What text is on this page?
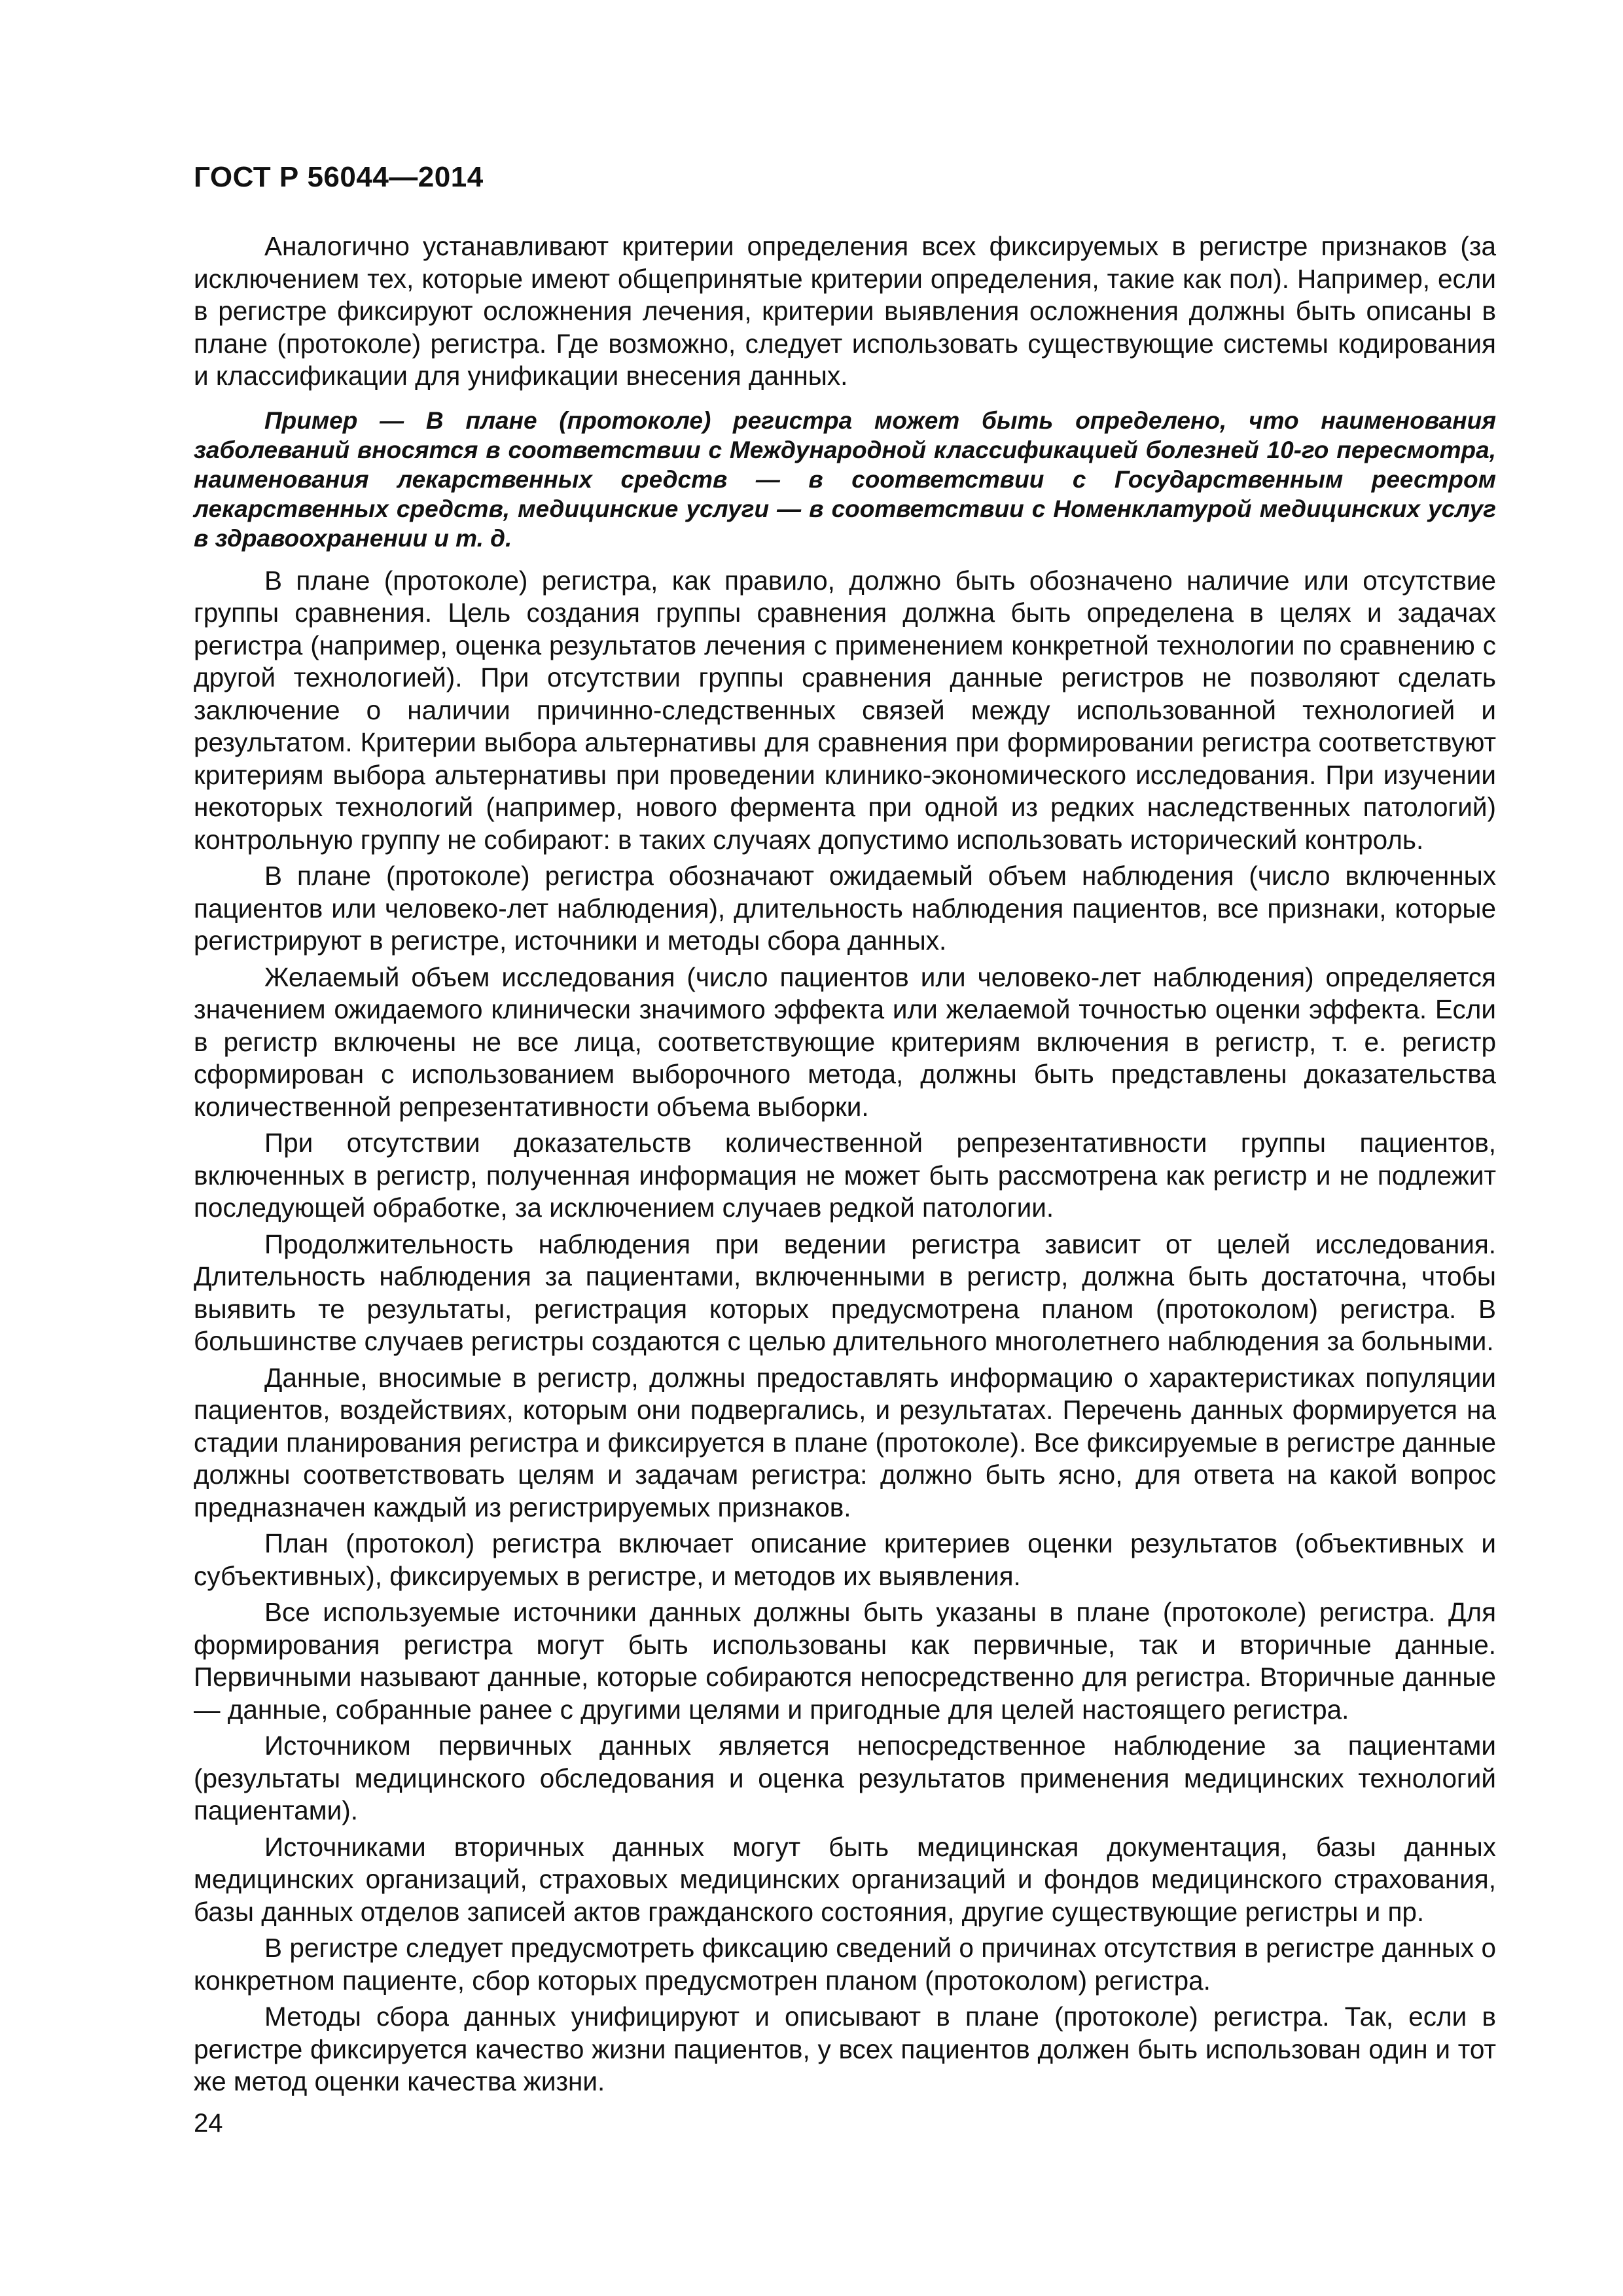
ГОСТ Р 56044—2014

Аналогично устанавливают критерии определения всех фиксируемых в регистре признаков (за исключением тех, которые имеют общепринятые критерии определения, такие как пол). Например, если в регистре фиксируют осложнения лечения, критерии выявления осложнения должны быть описаны в плане (протоколе) регистра. Где возможно, следует использовать существующие системы кодирования и классификации для унификации внесения данных.

Пример — В плане (протоколе) регистра может быть определено, что наименования заболеваний вносятся в соответствии с Международной классификацией болезней 10-го пересмотра, наименования лекарственных средств — в соответствии с Государственным реестром лекарственных средств, медицинские услуги — в соответствии с Номенклатурой медицинских услуг в здравоохранении и т. д.

В плане (протоколе) регистра, как правило, должно быть обозначено наличие или отсутствие группы сравнения. Цель создания группы сравнения должна быть определена в целях и задачах регистра (например, оценка результатов лечения с применением конкретной технологии по сравнению с другой технологией). При отсутствии группы сравнения данные регистров не позволяют сделать заключение о наличии причинно-следственных связей между использованной технологией и результатом. Критерии выбора альтернативы для сравнения при формировании регистра соответствуют критериям выбора альтернативы при проведении клинико-экономического исследования. При изучении некоторых технологий (например, нового фермента при одной из редких наследственных патологий) контрольную группу не собирают: в таких случаях допустимо использовать исторический контроль.

В плане (протоколе) регистра обозначают ожидаемый объем наблюдения (число включенных пациентов или человеко-лет наблюдения), длительность наблюдения пациентов, все признаки, которые регистрируют в регистре, источники и методы сбора данных.

Желаемый объем исследования (число пациентов или человеко-лет наблюдения) определяется значением ожидаемого клинически значимого эффекта или желаемой точностью оценки эффекта. Если в регистр включены не все лица, соответствующие критериям включения в регистр, т. е. регистр сформирован с использованием выборочного метода, должны быть представлены доказательства количественной репрезентативности объема выборки.

При отсутствии доказательств количественной репрезентативности группы пациентов, включенных в регистр, полученная информация не может быть рассмотрена как регистр и не подлежит последующей обработке, за исключением случаев редкой патологии.

Продолжительность наблюдения при ведении регистра зависит от целей исследования. Длительность наблюдения за пациентами, включенными в регистр, должна быть достаточна, чтобы выявить те результаты, регистрация которых предусмотрена планом (протоколом) регистра. В большинстве случаев регистры создаются с целью длительного многолетнего наблюдения за больными.

Данные, вносимые в регистр, должны предоставлять информацию о характеристиках популяции пациентов, воздействиях, которым они подвергались, и результатах. Перечень данных формируется на стадии планирования регистра и фиксируется в плане (протоколе). Все фиксируемые в регистре данные должны соответствовать целям и задачам регистра: должно быть ясно, для ответа на какой вопрос предназначен каждый из регистрируемых признаков.

План (протокол) регистра включает описание критериев оценки результатов (объективных и субъективных), фиксируемых в регистре, и методов их выявления.

Все используемые источники данных должны быть указаны в плане (протоколе) регистра. Для формирования регистра могут быть использованы как первичные, так и вторичные данные. Первичными называют данные, которые собираются непосредственно для регистра. Вторичные данные — данные, собранные ранее с другими целями и пригодные для целей настоящего регистра.

Источником первичных данных является непосредственное наблюдение за пациентами (результаты медицинского обследования и оценка результатов применения медицинских технологий пациентами).

Источниками вторичных данных могут быть медицинская документация, базы данных медицинских организаций, страховых медицинских организаций и фондов медицинского страхования, базы данных отделов записей актов гражданского состояния, другие существующие регистры и пр.

В регистре следует предусмотреть фиксацию сведений о причинах отсутствия в регистре данных о конкретном пациенте, сбор которых предусмотрен планом (протоколом) регистра.

Методы сбора данных унифицируют и описывают в плане (протоколе) регистра. Так, если в регистре фиксируется качество жизни пациентов, у всех пациентов должен быть использован один и тот же метод оценки качества жизни.

24
